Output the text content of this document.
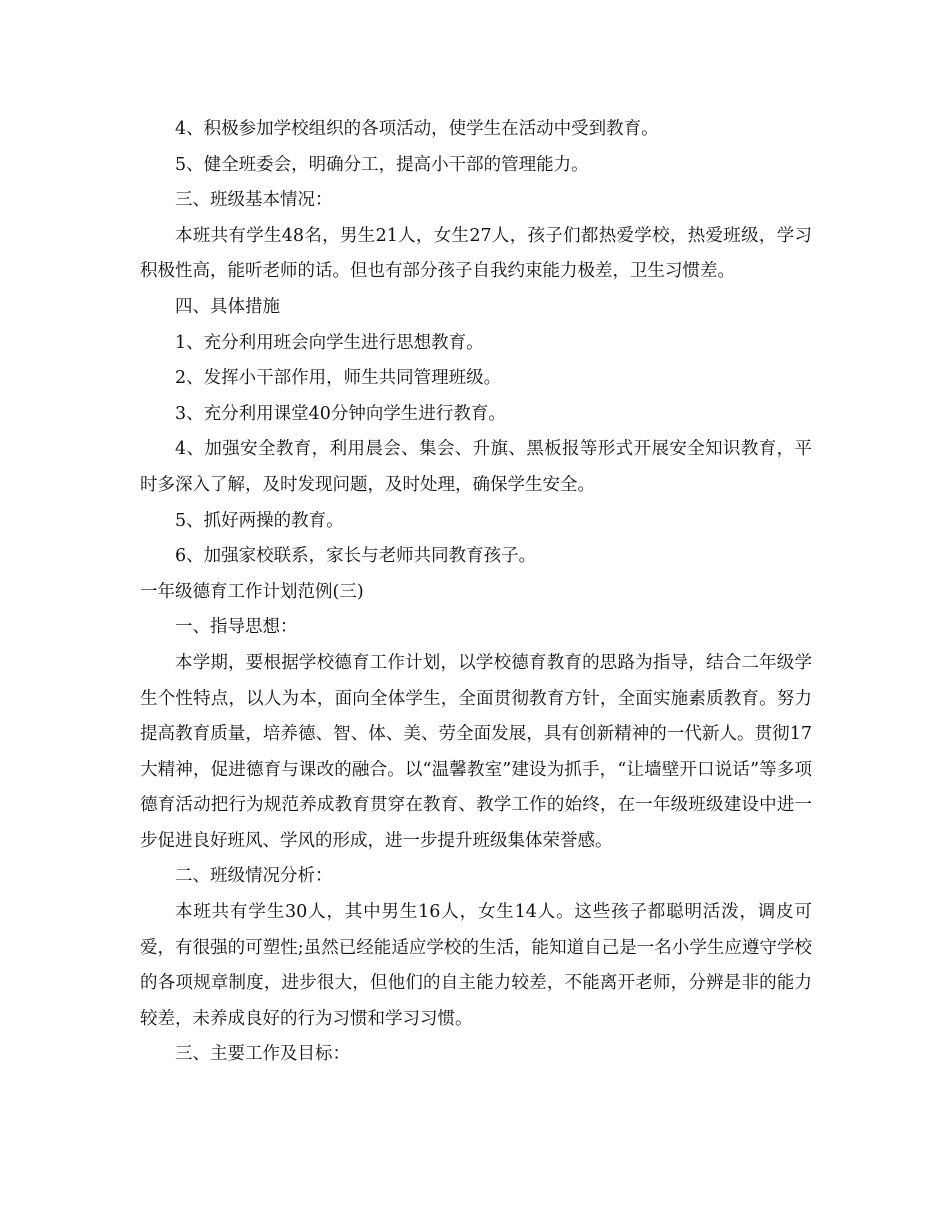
4、积极参加学校组织的各项活动，使学生在活动中受到教育。

5、健全班委会，明确分工，提高小干部的管理能力。

三、班级基本情况：

本班共有学生48名，男生21人，女生27人，孩子们都热爱学校，热爱班级，学习积极性高，能听老师的话。但也有部分孩子自我约束能力极差，卫生习惯差。

四、具体措施

1、充分利用班会向学生进行思想教育。

2、发挥小干部作用，师生共同管理班级。

3、充分利用课堂40分钟向学生进行教育。

4、加强安全教育，利用晨会、集会、升旗、黑板报等形式开展安全知识教育，平时多深入了解，及时发现问题，及时处理，确保学生安全。

5、抓好两操的教育。

6、加强家校联系，家长与老师共同教育孩子。

一年级德育工作计划范例(三)

一、指导思想：

本学期，要根据学校德育工作计划，以学校德育教育的思路为指导，结合二年级学生个性特点，以人为本，面向全体学生，全面贯彻教育方针，全面实施素质教育。努力提高教育质量，培养德、智、体、美、劳全面发展，具有创新精神的一代新人。贯彻17大精神，促进德育与课改的融合。以“温馨教室”建设为抓手，“让墙壁开口说话”等多项德育活动把行为规范养成教育贯穿在教育、教学工作的始终，在一年级班级建设中进一步促进良好班风、学风的形成，进一步提升班级集体荣誉感。

二、班级情况分析：

本班共有学生30人，其中男生16人，女生14人。这些孩子都聪明活泼，调皮可爱，有很强的可塑性;虽然已经能适应学校的生活，能知道自己是一名小学生应遵守学校的各项规章制度，进步很大，但他们的自主能力较差，不能离开老师，分辨是非的能力较差，未养成良好的行为习惯和学习习惯。

三、主要工作及目标：
